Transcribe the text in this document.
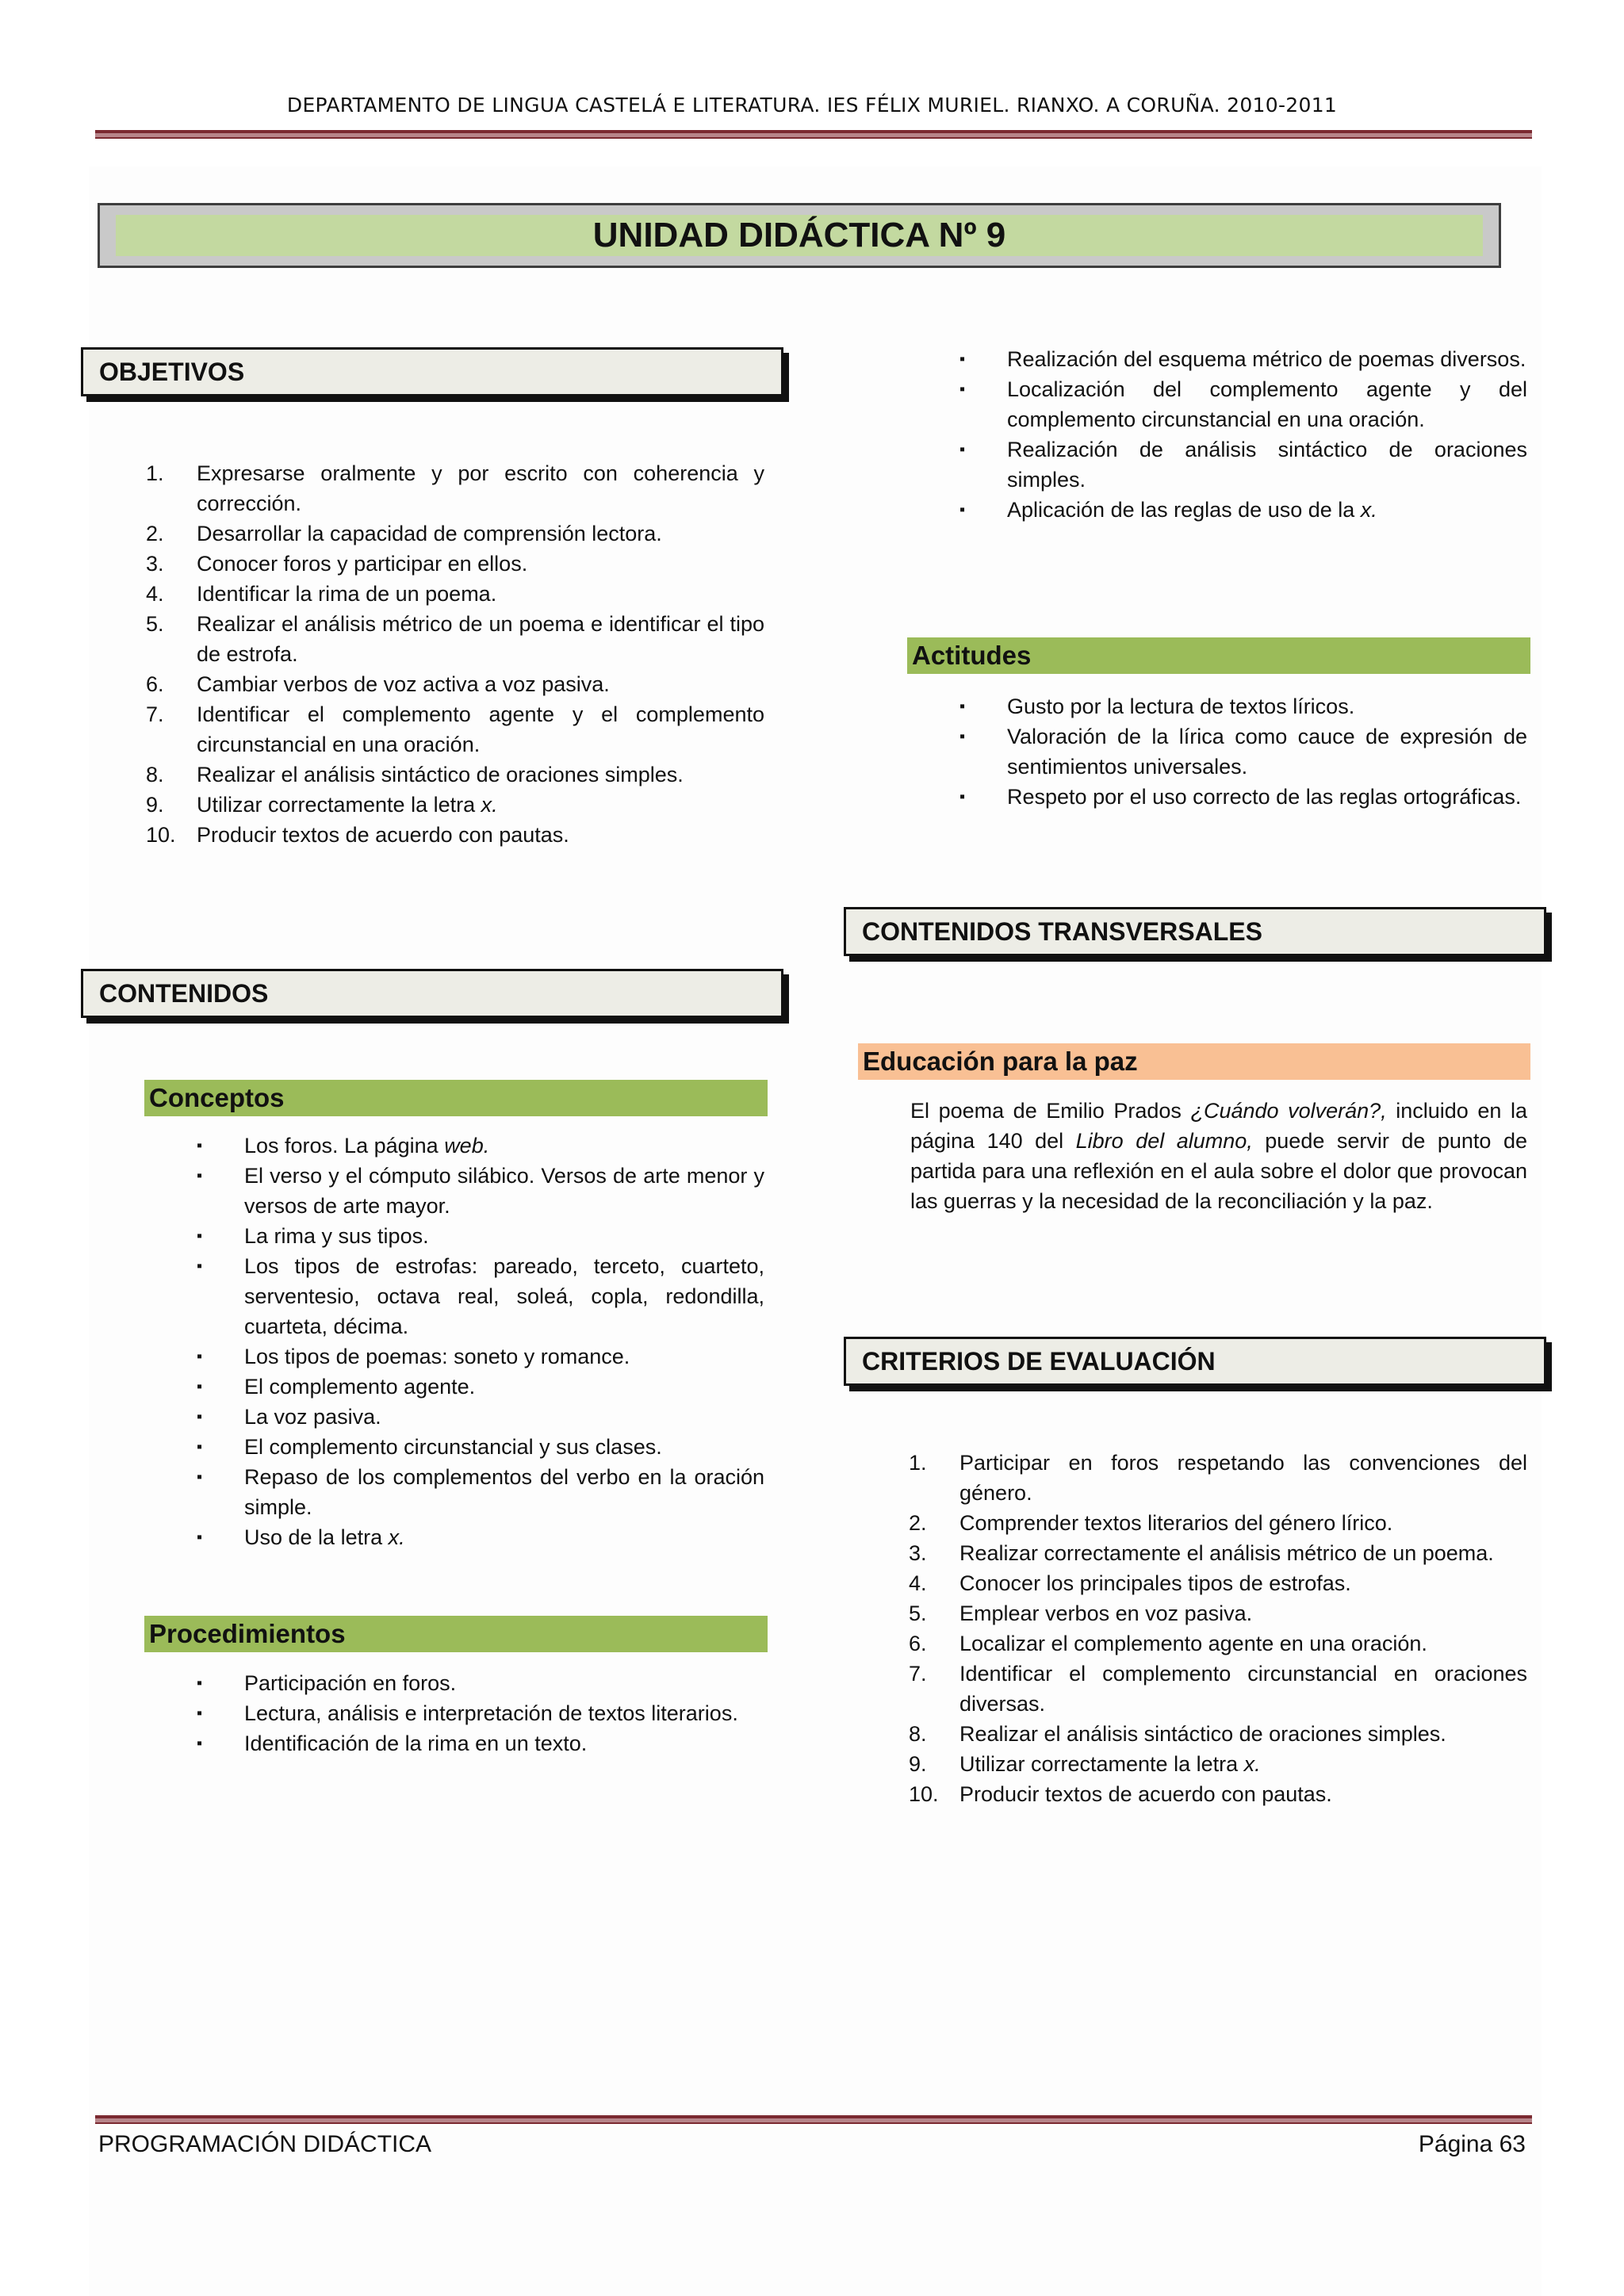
DEPARTAMENTO DE LINGUA CASTELÁ E LITERATURA. IES FÉLIX MURIEL. RIANXO. A CORUÑA. 2010-2011
UNIDAD DIDÁCTICA Nº 9
OBJETIVOS
1.	Expresarse oralmente y por escrito con coherencia y corrección.
2.	Desarrollar la capacidad de comprensión lectora.
3.	Conocer foros y participar en ellos.
4.	Identificar la rima de un poema.
5.	Realizar el análisis métrico de un poema e identificar el tipo de estrofa.
6.	Cambiar verbos de voz activa a voz pasiva.
7.	Identificar el complemento agente y el complemento circunstancial en una oración.
8.	Realizar el análisis sintáctico de oraciones simples.
9.	Utilizar correctamente la letra x.
10. Producir textos de acuerdo con pautas.
CONTENIDOS
Conceptos
▪ Los foros. La página web.
▪ El verso y el cómputo silábico. Versos de arte menor y versos de arte mayor.
▪ La rima y sus tipos.
▪ Los tipos de estrofas: pareado, terceto, cuarteto, serventesio, octava real, soleá, copla, redondilla, cuarteta, décima.
▪ Los tipos de poemas: soneto y romance.
▪ El complemento agente.
▪ La voz pasiva.
▪ El complemento circunstancial y sus clases.
▪ Repaso de los complementos del verbo en la oración simple.
▪ Uso de la letra x.
Procedimientos
▪ Participación en foros.
▪ Lectura, análisis e interpretación de textos literarios.
▪ Identificación de la rima en un texto.
▪ Realización del esquema métrico de poemas diversos.
▪ Localización del complemento agente y del complemento circunstancial en una oración.
▪ Realización de análisis sintáctico de oraciones simples.
▪ Aplicación de las reglas de uso de la x.
Actitudes
▪ Gusto por la lectura de textos líricos.
▪ Valoración de la lírica como cauce de expresión de sentimientos universales.
▪ Respeto por el uso correcto de las reglas ortográficas.
CONTENIDOS TRANSVERSALES
Educación para la paz
El poema de Emilio Prados ¿Cuándo volverán?, incluido en la página 140 del Libro del alumno, puede servir de punto de partida para una reflexión en el aula sobre el dolor que provocan las guerras y la necesidad de la reconciliación y la paz.
CRITERIOS DE EVALUACIÓN
1.	Participar en foros respetando las convenciones del género.
2.	Comprender textos literarios del género lírico.
3.	Realizar correctamente el análisis métrico de un poema.
4.	Conocer los principales tipos de estrofas.
5.	Emplear verbos en voz pasiva.
6.	Localizar el complemento agente en una oración.
7.	Identificar el complemento circunstancial en oraciones diversas.
8.	Realizar el análisis sintáctico de oraciones simples.
9.	Utilizar correctamente la letra x.
10. Producir textos de acuerdo con pautas.
PROGRAMACIÓN DIDÁCTICA	Página 63
